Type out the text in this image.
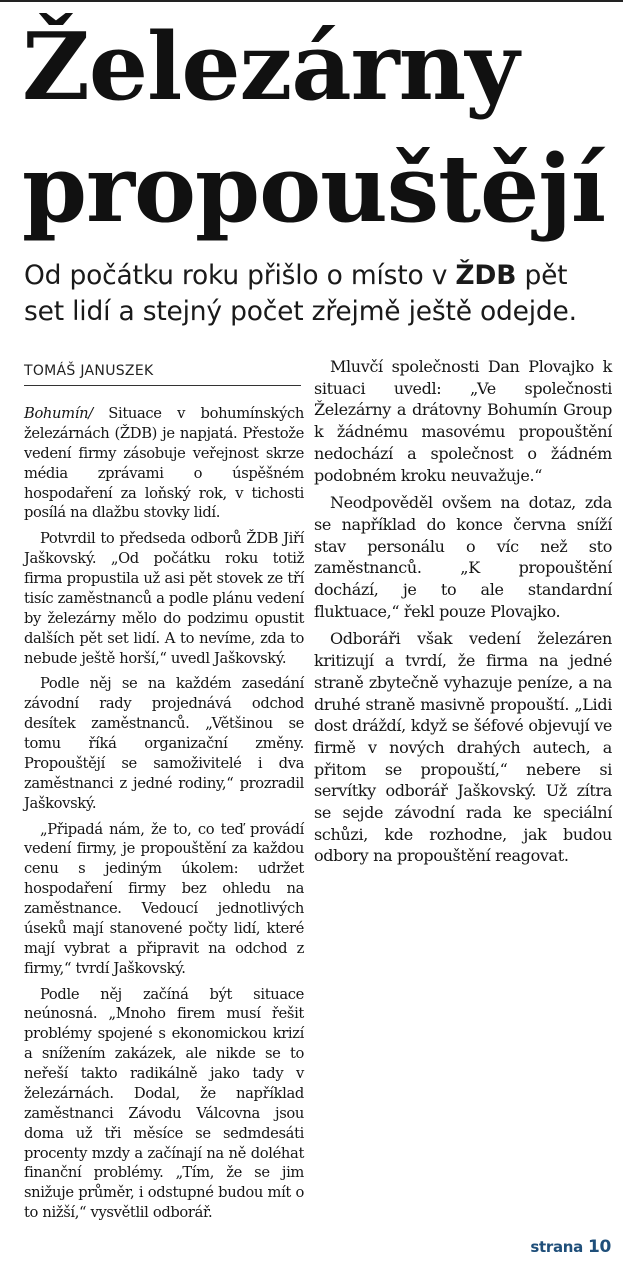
Železárny
propouštějí
Od počátku roku přišlo o místo v ŽDB pět set lidí a stejný počet zřejmě ještě odejde.
TOMÁŠ JANUSZEK

Bohumín/ Situace v bohumínských železárnách (ŽDB) je napjatá. Přestože vedení firmy zásobuje veřejnost skrze média zprávami o úspěšném hospodaření za loňský rok, v tichosti posílá na dlažbu stovky lidí.

Potvrdil to předseda odborů ŽDB Jiří Jaškovský. „Od počátku roku totiž firma propustila už asi pět stovek ze tří tisíc zaměstnanců a podle plánu vedení by železárny mělo do podzimu opustit dalších pět set lidí. A to nevíme, zda to nebude ještě horší,“ uvedl Jaškovský.

Podle něj se na každém zasedání závodní rady projednává odchod desítek zaměstnanců. „Většinou se tomu říká organizační změny. Propouštějí se samoživitelé i dva zaměstnanci z jedné rodiny,“ prozradil Jaškovský.

„Připadá nám, že to, co teď provádí vedení firmy, je propouštění za každou cenu s jediným úkolem: udržet hospodaření firmy bez ohledu na zaměstnance. Vedoucí jednotlivých úseků mají stanovené počty lidí, které mají vybrat a připravit na odchod z firmy,“ tvrdí Jaškovský.

Podle něj začíná být situace neúnosná. „Mnoho firem musí řešit problémy spojené s ekonomickou krizí a snížením zakázek, ale nikde se to neřeší takto radikálně jako tady v železárnách. Dodal, že například zaměstnanci Závodu Válcovna jsou doma už tři měsíce se sedmdesáti procenty mzdy a začínají na ně doléhat finanční problémy. „Tím, že se jim snižuje průměr, i odstupné budou mít o to nižší,“ vysvětlil odborář.

Mluvčí společnosti Dan Plovajko k situaci uvedl: „Ve společnosti Železárny a drátovny Bohumín Group k žádnému masovému propouštění nedochází a společnost o žádném podobném kroku neuvažuje.“

Neodpověděl ovšem na dotaz, zda se například do konce června sníží stav personálu o víc než sto zaměstnanců. „K propouštění dochází, je to ale standardní fluktuace,“ řekl pouze Plovajko.

Odboráři však vedení železáren kritizují a tvrdí, že firma na jedné straně zbytečně vyhazuje peníze, a na druhé straně masivně propouští. „Lidi dost dráždí, když se šéfové objevují ve firmě v nových drahých autech, a přitom se propouští,“ nebere si servítky odborář Jaškovský. Už zítra se sejde závodní rada ke speciální schůzi, kde rozhodne, jak budou odbory na propouštění reagovat.

strana 10
